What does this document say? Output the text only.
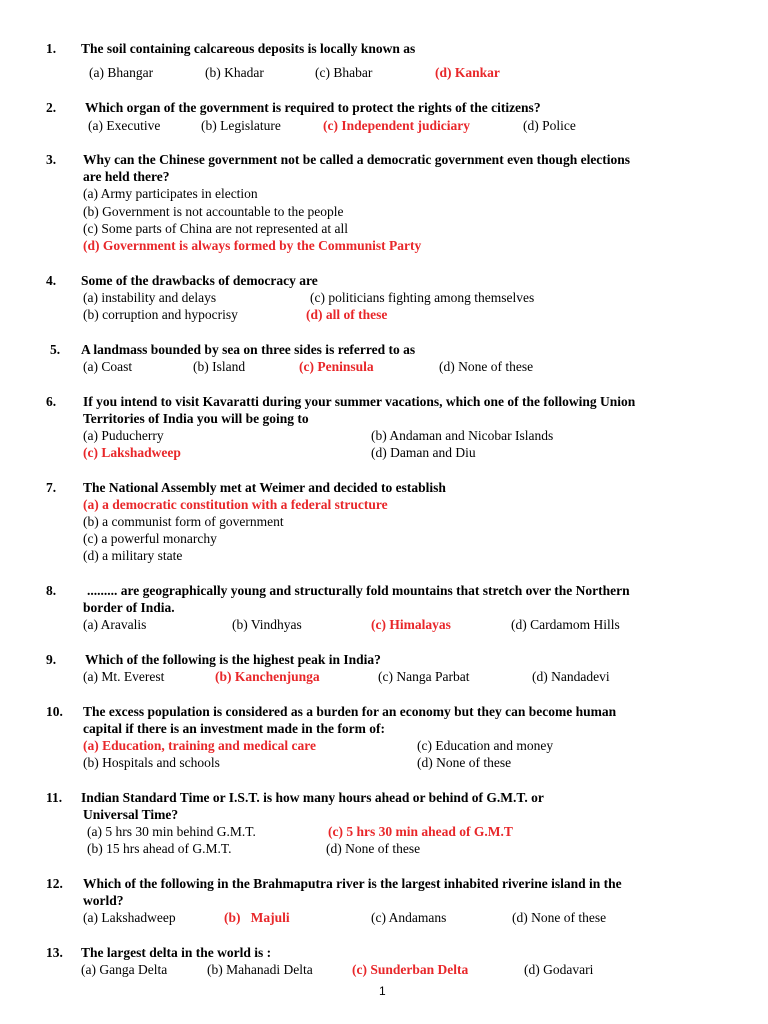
1. The soil containing calcareous deposits is locally known as
(a) Bhangar	(b) Khadar	(c) Bhabar	(d) Kankar
2. Which organ of the government is required to protect the rights of the citizens?
(a) Executive	(b) Legislature	(c) Independent judiciary	(d) Police
3. Why can the Chinese government not be called a democratic government even though elections
are held there?
(a) Army participates in election
(b) Government is not accountable to the people
(c) Some parts of China are not represented at all
(d) Government is always formed by the Communist Party
4. Some of the drawbacks of democracy are
(a) instability and delays	(c) politicians fighting among themselves
(b) corruption and hypocrisy	(d) all of these
5. A landmass bounded by sea on three sides is referred to as
(a) Coast	(b) Island	(c) Peninsula	(d) None of these
6. If you intend to visit Kavaratti during your summer vacations, which one of the following Union
Territories of India you will be going to
(a) Puducherry	(b) Andaman and Nicobar Islands
(c) Lakshadweep	(d) Daman and Diu
7. The National Assembly met at Weimer and decided to establish
(a) a democratic constitution with a federal structure
(b) a communist form of government
(c) a powerful monarchy
(d) a military state
8. ......... are geographically young and structurally fold mountains that stretch over the Northern
border of India.
(a) Aravalis	(b) Vindhyas	(c) Himalayas	(d) Cardamom Hills
9. Which of the following is the highest peak in India?
(a) Mt. Everest	(b) Kanchenjunga	(c) Nanga Parbat	(d) Nandadevi
10. The excess population is considered as a burden for an economy but they can become human
capital if there is an investment made in the form of:
(a) Education, training and medical care	(c) Education and money
(b) Hospitals and schools	(d) None of these
11. Indian Standard Time or I.S.T. is how many hours ahead or behind of G.M.T. or
Universal Time?
(a) 5 hrs 30 min behind G.M.T.	(c) 5 hrs 30 min ahead of G.M.T
(b) 15 hrs ahead of G.M.T.	(d) None of these
12. Which of the following in the Brahmaputra river is the largest inhabited riverine island in the
world?
(a) Lakshadweep	(b)   Majuli	(c) Andamans	(d) None of these
13. The largest delta in the world is :
(a) Ganga Delta	(b) Mahanadi Delta	(c) Sunderban Delta	(d) Godavari
1
